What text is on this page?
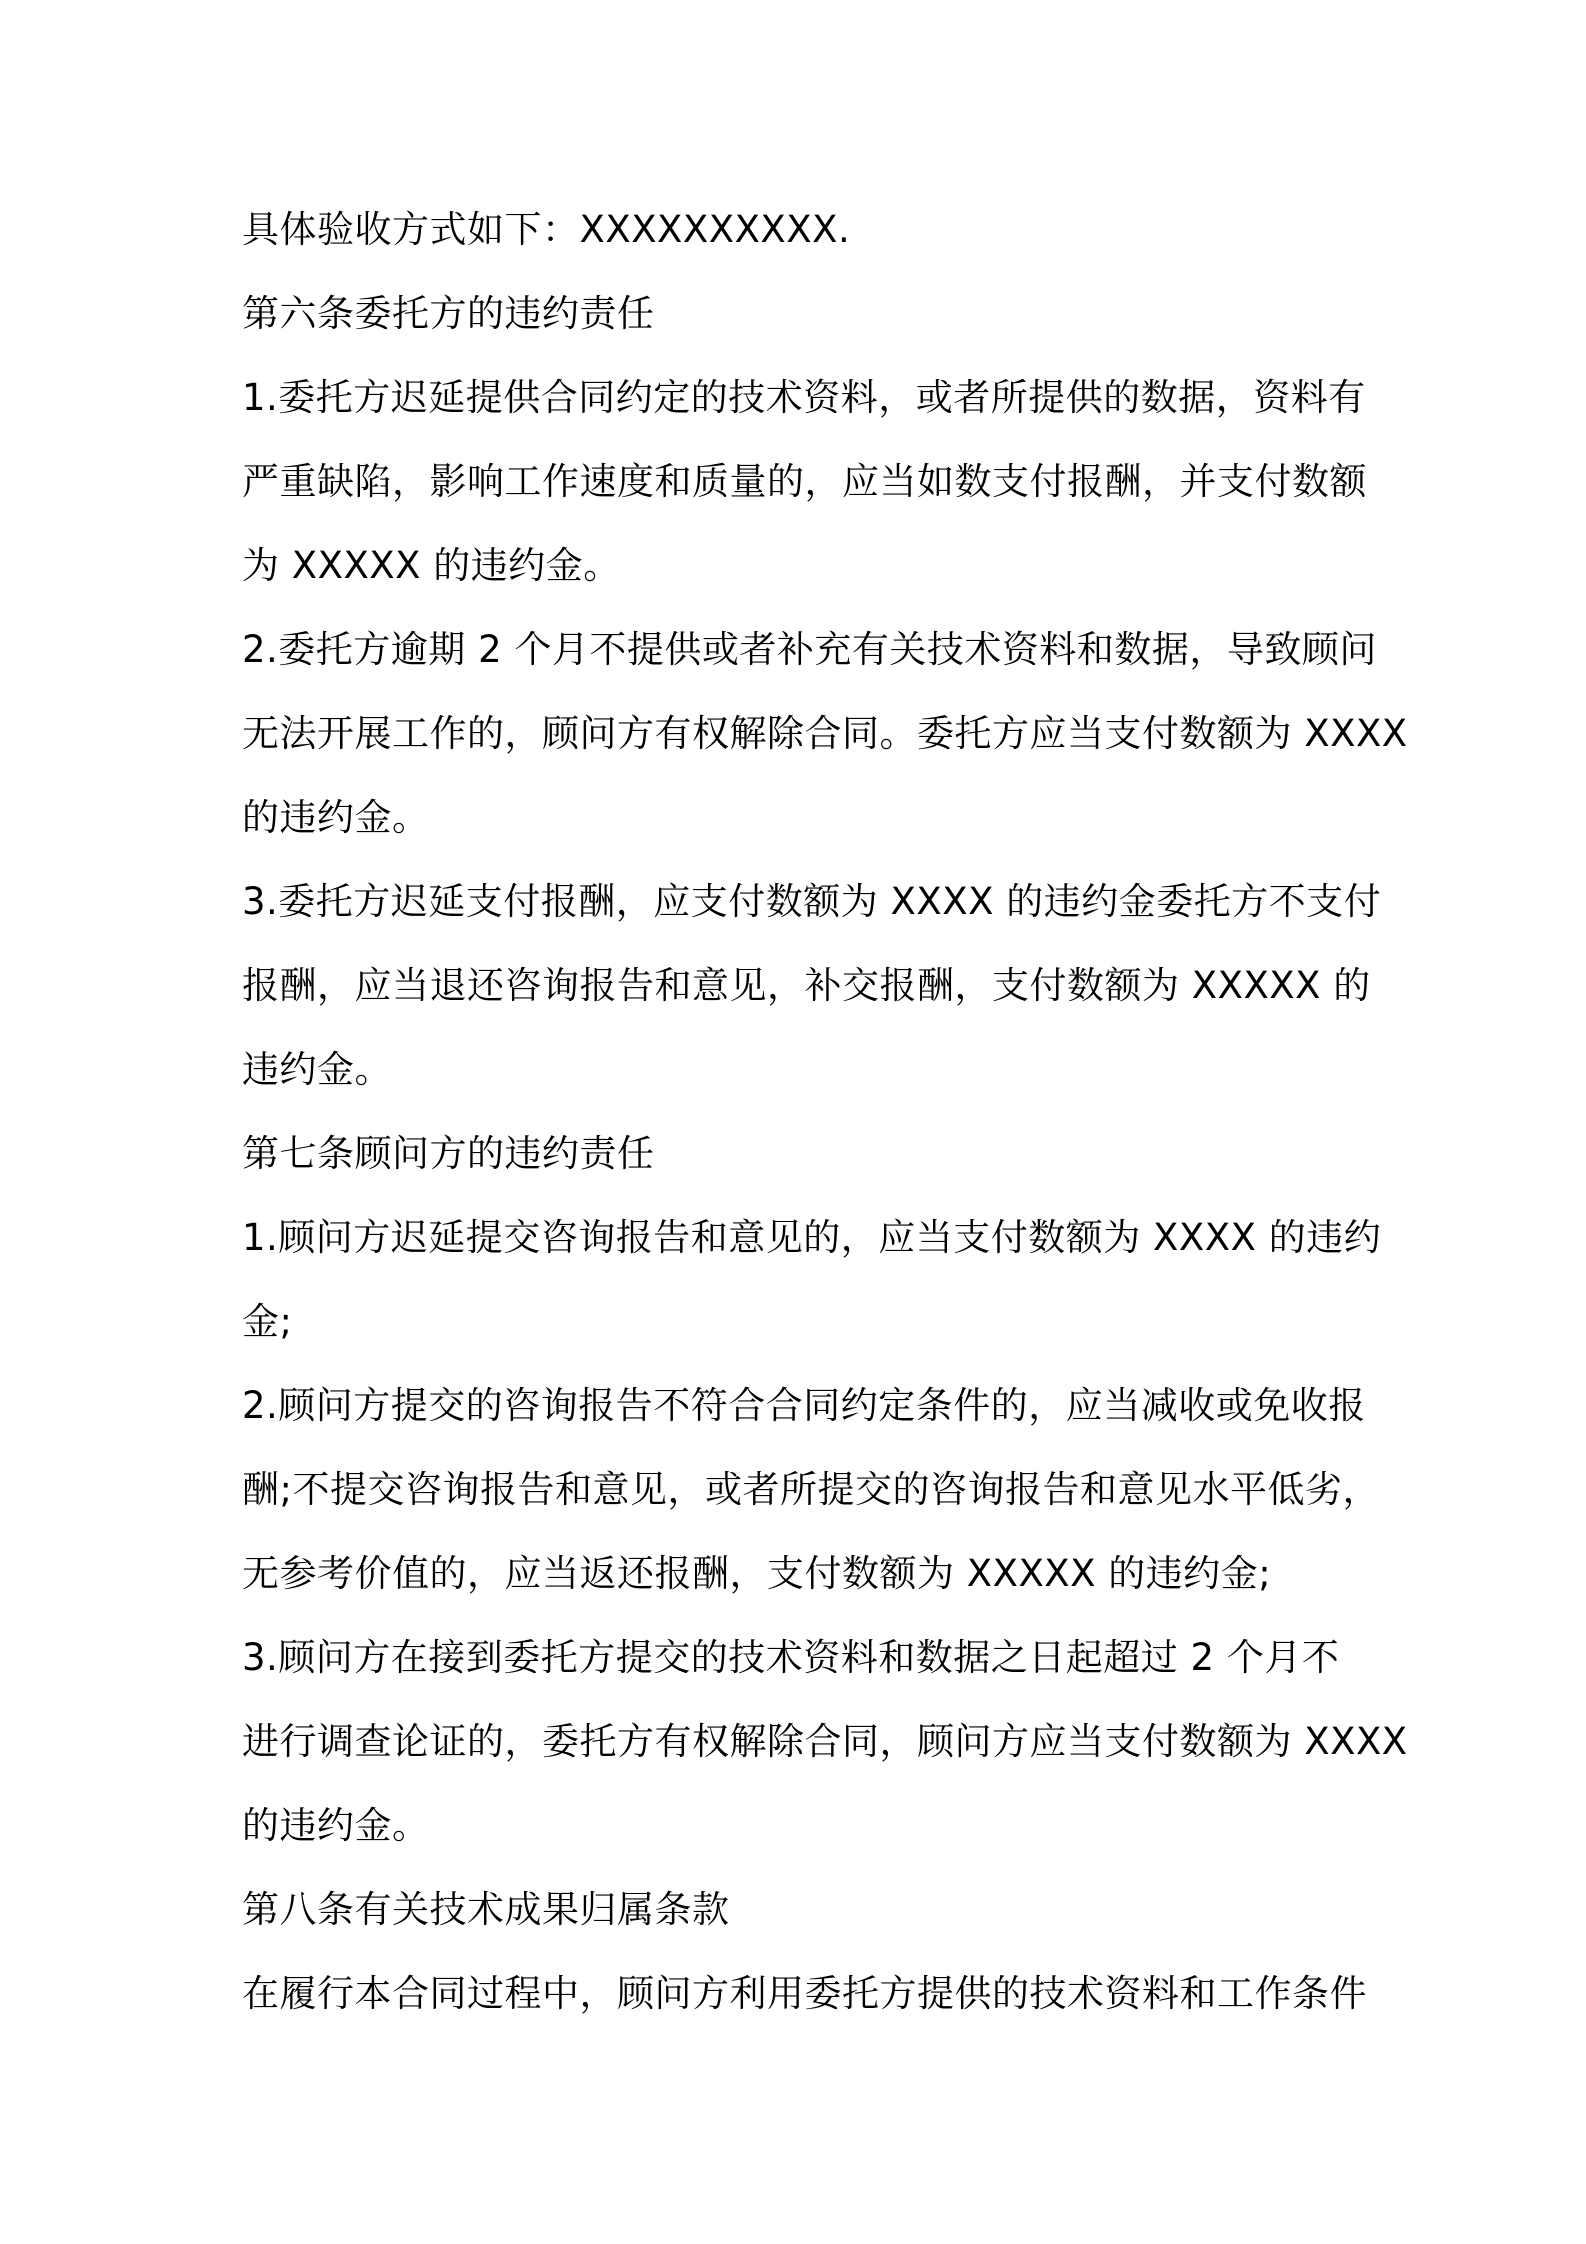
具体验收方式如下：XXXXXXXXXX.
第六条委托方的违约责任
1.委托方迟延提供合同约定的技术资料，或者所提供的数据，资料有
严重缺陷，影响工作速度和质量的，应当如数支付报酬，并支付数额
为 XXXXX 的违约金。
2.委托方逾期 2 个月不提供或者补充有关技术资料和数据，导致顾问
无法开展工作的，顾问方有权解除合同。委托方应当支付数额为 XXXX
的违约金。
3.委托方迟延支付报酬，应支付数额为 XXXX 的违约金委托方不支付
报酬，应当退还咨询报告和意见，补交报酬，支付数额为 XXXXX 的
违约金。
第七条顾问方的违约责任
1.顾问方迟延提交咨询报告和意见的，应当支付数额为 XXXX 的违约
金;
2.顾问方提交的咨询报告不符合合同约定条件的，应当减收或免收报
酬;不提交咨询报告和意见，或者所提交的咨询报告和意见水平低劣，
无参考价值的，应当返还报酬，支付数额为 XXXXX 的违约金;
3.顾问方在接到委托方提交的技术资料和数据之日起超过 2 个月不
进行调查论证的，委托方有权解除合同，顾问方应当支付数额为 XXXX
的违约金。
第八条有关技术成果归属条款
在履行本合同过程中，顾问方利用委托方提供的技术资料和工作条件
